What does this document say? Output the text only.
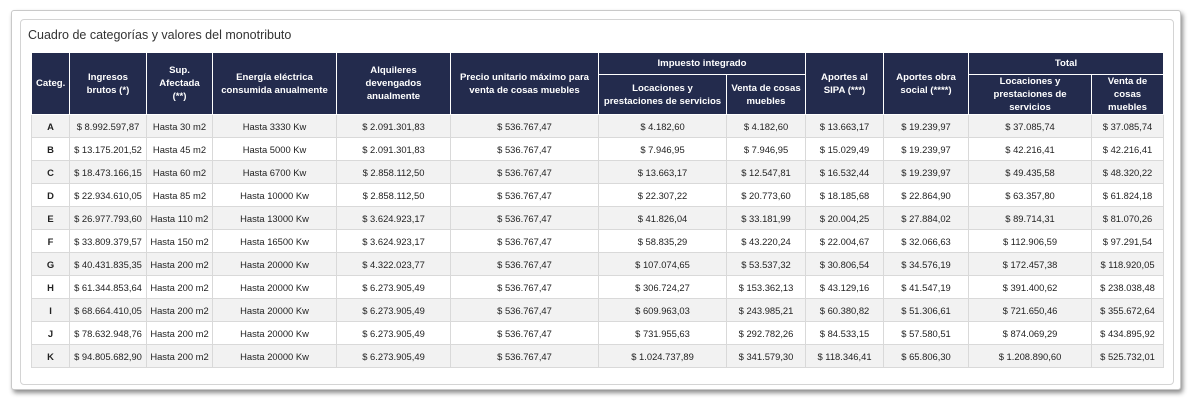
Cuadro de categorías y valores del monotributo
Categ.	Ingresos brutos (*)	Sup. Afectada (**)	Energía eléctrica consumida anualmente	Alquileres devengados anualmente	Precio unitario máximo para venta de cosas muebles	Impuesto integrado		Aportes al SIPA (***)	Aportes obra social (****)	Total	
						Locaciones y prestaciones de servicios	Venta de cosas muebles			Locaciones y prestaciones de servicios	Venta de cosas muebles
A	$ 8.992.597,87	Hasta 30 m2	Hasta 3330 Kw	$ 2.091.301,83	$ 536.767,47	$ 4.182,60	$ 4.182,60	$ 13.663,17	$ 19.239,97	$ 37.085,74	$ 37.085,74
B	$ 13.175.201,52	Hasta 45 m2	Hasta 5000 Kw	$ 2.091.301,83	$ 536.767,47	$ 7.946,95	$ 7.946,95	$ 15.029,49	$ 19.239,97	$ 42.216,41	$ 42.216,41
C	$ 18.473.166,15	Hasta 60 m2	Hasta 6700 Kw	$ 2.858.112,50	$ 536.767,47	$ 13.663,17	$ 12.547,81	$ 16.532,44	$ 19.239,97	$ 49.435,58	$ 48.320,22
D	$ 22.934.610,05	Hasta 85 m2	Hasta 10000 Kw	$ 2.858.112,50	$ 536.767,47	$ 22.307,22	$ 20.773,60	$ 18.185,68	$ 22.864,90	$ 63.357,80	$ 61.824,18
E	$ 26.977.793,60	Hasta 110 m2	Hasta 13000 Kw	$ 3.624.923,17	$ 536.767,47	$ 41.826,04	$ 33.181,99	$ 20.004,25	$ 27.884,02	$ 89.714,31	$ 81.070,26
F	$ 33.809.379,57	Hasta 150 m2	Hasta 16500 Kw	$ 3.624.923,17	$ 536.767,47	$ 58.835,29	$ 43.220,24	$ 22.004,67	$ 32.066,63	$ 112.906,59	$ 97.291,54
G	$ 40.431.835,35	Hasta 200 m2	Hasta 20000 Kw	$ 4.322.023,77	$ 536.767,47	$ 107.074,65	$ 53.537,32	$ 30.806,54	$ 34.576,19	$ 172.457,38	$ 118.920,05
H	$ 61.344.853,64	Hasta 200 m2	Hasta 20000 Kw	$ 6.273.905,49	$ 536.767,47	$ 306.724,27	$ 153.362,13	$ 43.129,16	$ 41.547,19	$ 391.400,62	$ 238.038,48
I	$ 68.664.410,05	Hasta 200 m2	Hasta 20000 Kw	$ 6.273.905,49	$ 536.767,47	$ 609.963,03	$ 243.985,21	$ 60.380,82	$ 51.306,61	$ 721.650,46	$ 355.672,64
J	$ 78.632.948,76	Hasta 200 m2	Hasta 20000 Kw	$ 6.273.905,49	$ 536.767,47	$ 731.955,63	$ 292.782,26	$ 84.533,15	$ 57.580,51	$ 874.069,29	$ 434.895,92
K	$ 94.805.682,90	Hasta 200 m2	Hasta 20000 Kw	$ 6.273.905,49	$ 536.767,47	$ 1.024.737,89	$ 341.579,30	$ 118.346,41	$ 65.806,30	$ 1.208.890,60	$ 525.732,01
